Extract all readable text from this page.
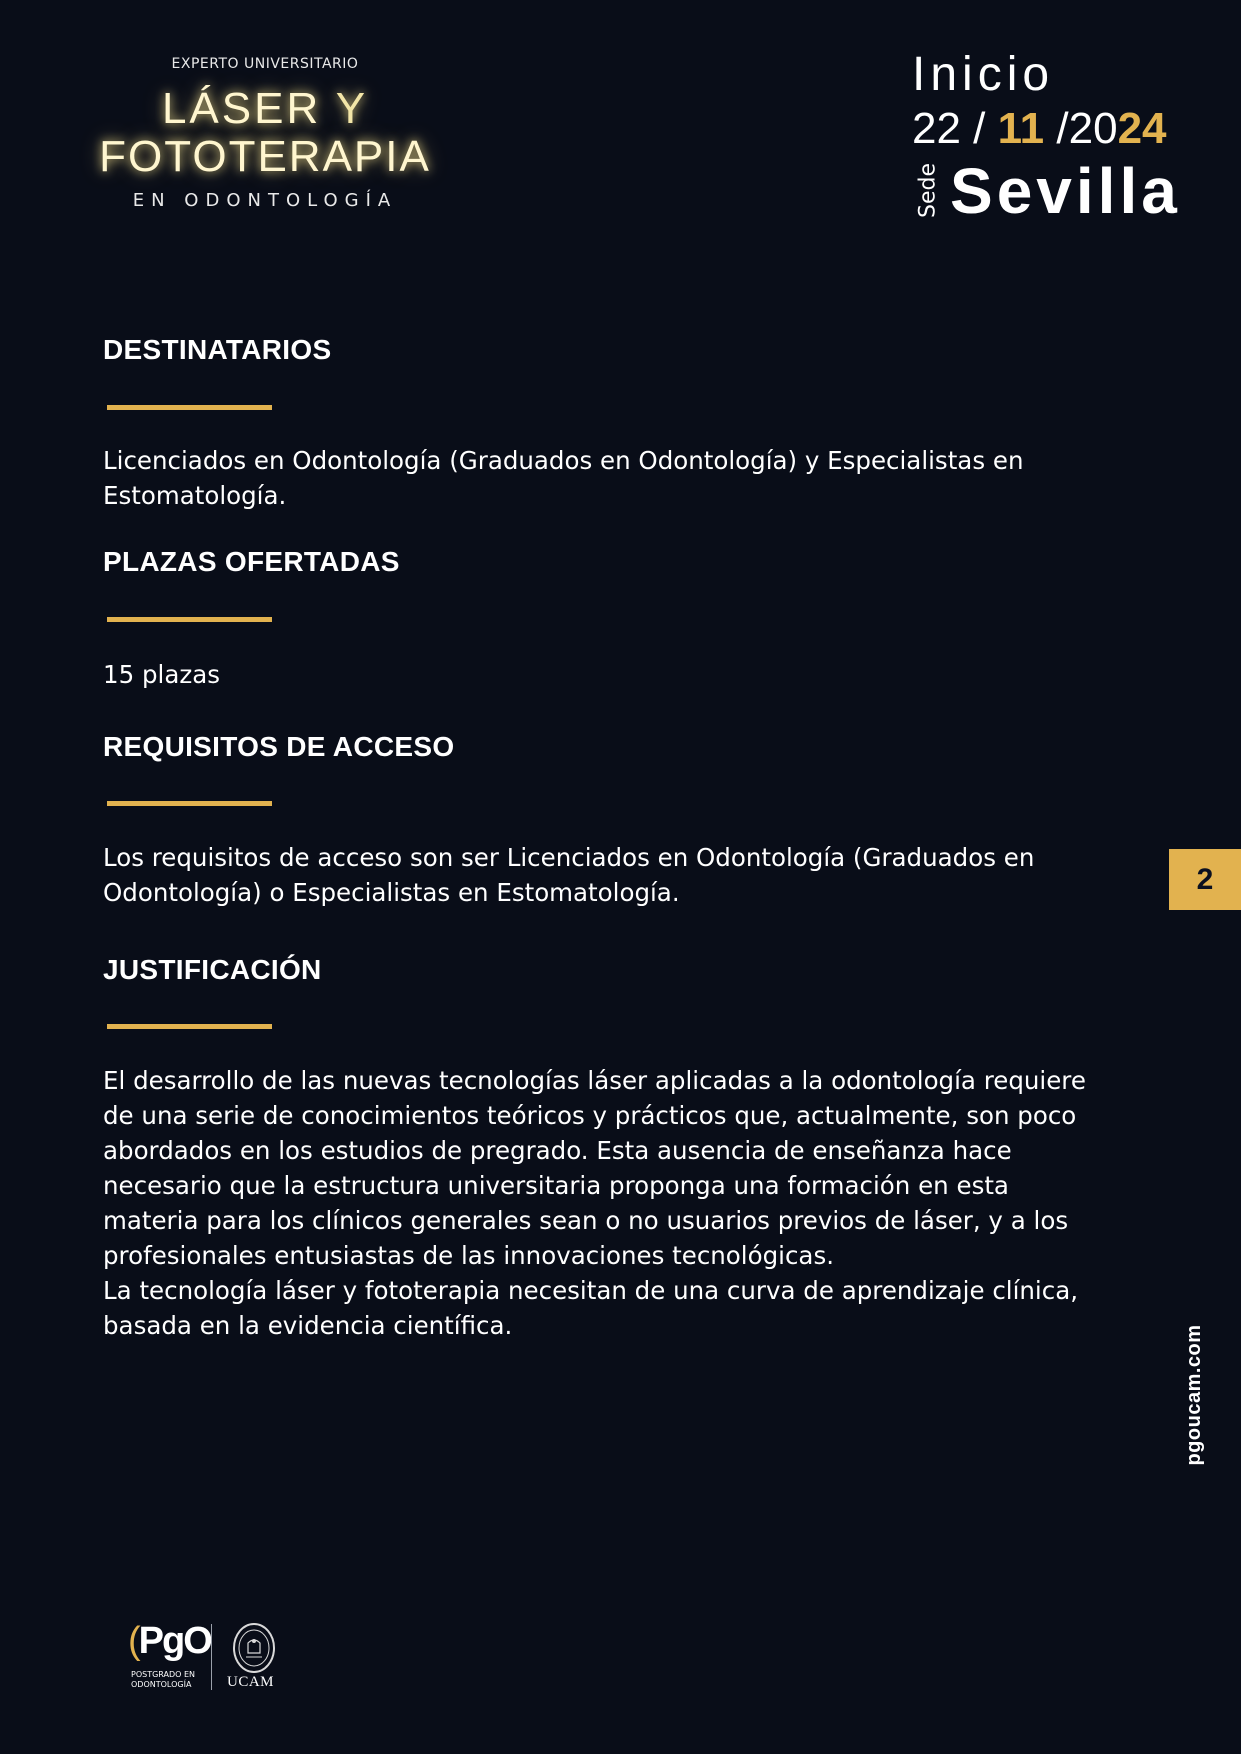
EXPERTO UNIVERSITARIO
LÁSER Y
FOTOTERAPIA
EN ODONTOLOGÍA
Inicio
22 / 11 /2024
Sede Sevilla
DESTINATARIOS
Licenciados en Odontología (Graduados en Odontología) y Especialistas en Estomatología.
PLAZAS OFERTADAS
15 plazas
REQUISITOS DE ACCESO
Los requisitos de acceso son ser Licenciados en Odontología (Graduados en Odontología) o Especialistas en Estomatología.
JUSTIFICACIÓN
El desarrollo de las nuevas tecnologías láser aplicadas a la odontología requiere de una serie de conocimientos teóricos y prácticos que, actualmente, son poco abordados en los estudios de pregrado. Esta ausencia de enseñanza hace necesario que la estructura universitaria proponga una formación en esta materia para los clínicos generales sean o no usuarios previos de láser, y a los profesionales entusiastas de las innovaciones tecnológicas.
La tecnología láser y fototerapia necesitan de una curva de aprendizaje clínica, basada en la evidencia científica.
2
pgoucam.com
(PgO
POSTGRADO EN
ODONTOLOGÍA	UCAM
